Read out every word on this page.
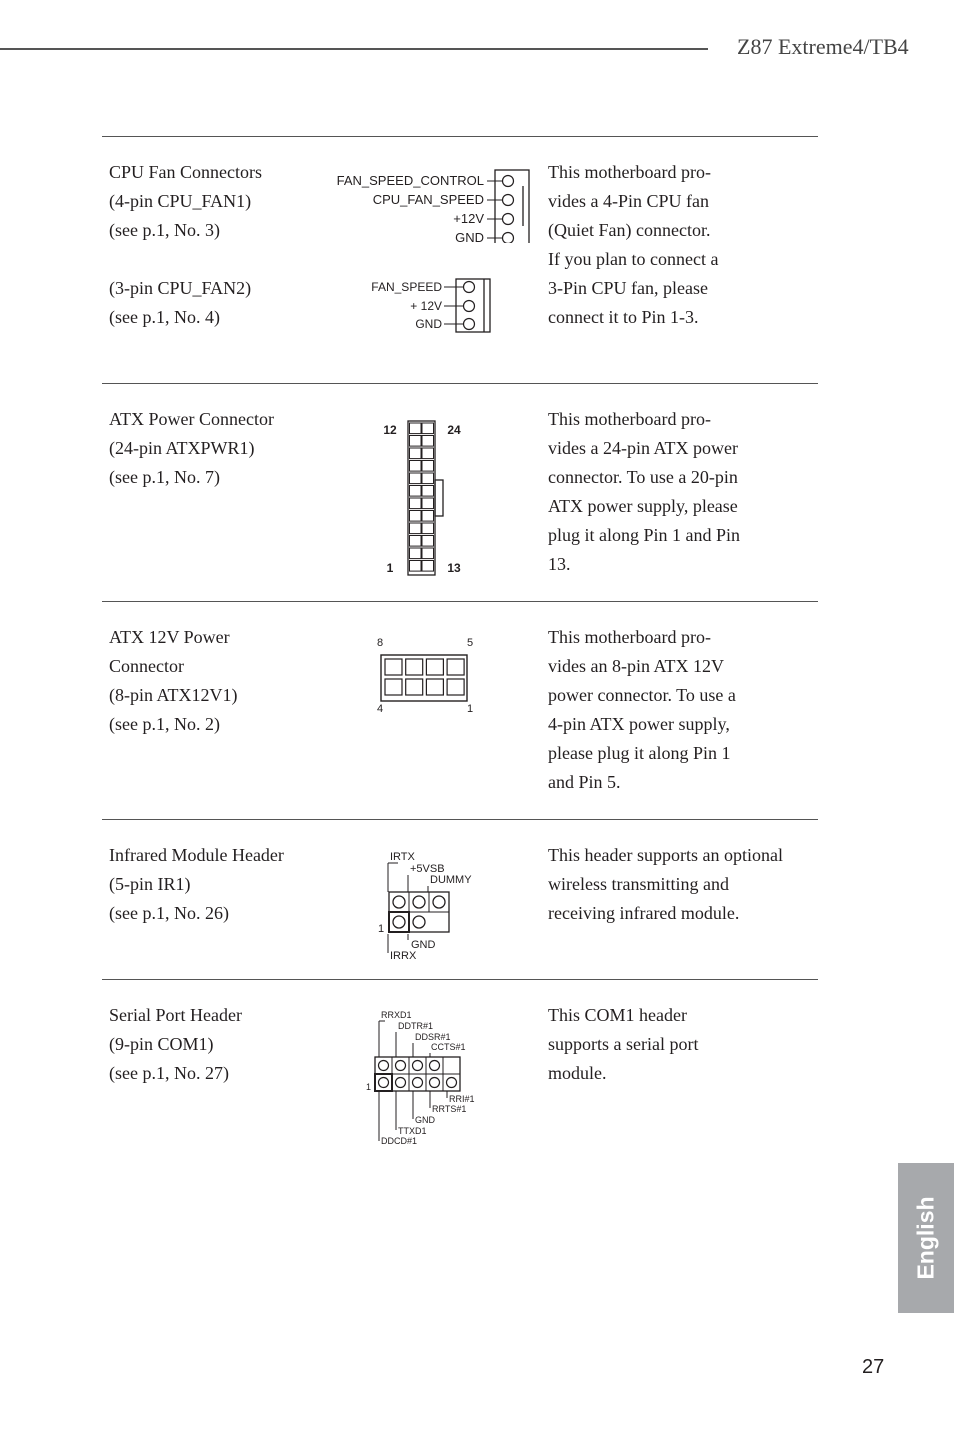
Z87 Extreme4/TB4
CPU Fan Connectors
(4-pin CPU_FAN1)
(see p.1, No. 3)
(3-pin CPU_FAN2)
(see p.1, No. 4)
This motherboard pro-
vides a 4-Pin CPU fan
(Quiet Fan) connector.
If you plan to connect a
3-Pin CPU fan, please
connect it to Pin 1-3.
FAN_SPEED_CONTROL
CPU_FAN_SPEED
+12V
GND
FAN_SPEED
+ 12V
GND
ATX Power Connector
(24-pin ATXPWR1)
(see p.1, No. 7)
This motherboard pro-
vides a 24-pin ATX power
connector. To use a 20-pin
ATX power supply, please
plug it along Pin 1 and Pin
13.
12	24
1	13
ATX 12V Power
Connector
(8-pin ATX12V1)
(see p.1, No. 2)
This motherboard pro-
vides an 8-pin ATX 12V
power connector. To use a
4-pin ATX power supply,
please plug it along Pin 1
and Pin 5.
8	5
4	1
Infrared Module Header
(5-pin IR1)
(see p.1, No. 26)
This header supports an optional
wireless transmitting and
receiving infrared module.
IRTX
+5VSB
DUMMY
1
GND
IRRX
Serial Port Header
(9-pin COM1)
(see p.1, No. 27)
This COM1 header
supports a serial port
module.
RRXD1
DDTR#1
DDSR#1
CCTS#1
1
RRI#1
RRTS#1
GND
TTXD1
DDCD#1
English
27
